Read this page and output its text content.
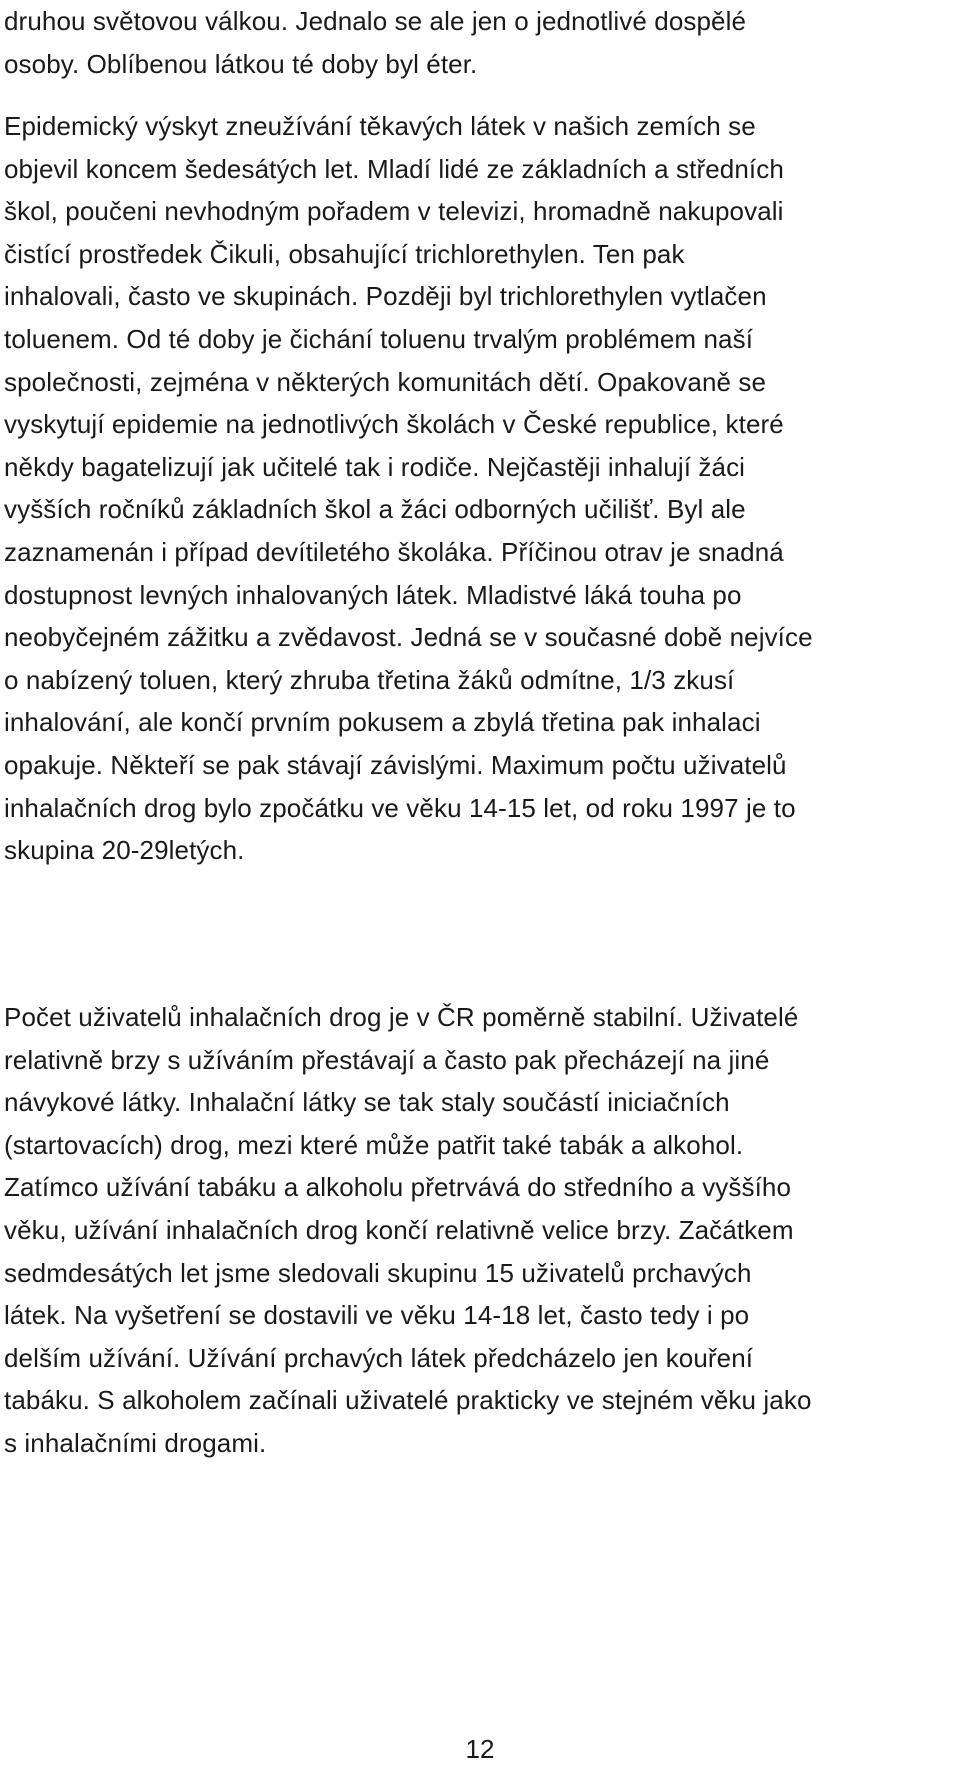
druhou světovou válkou. Jednalo se ale jen o jednotlivé dospělé
osoby. Oblíbenou látkou té doby byl éter.

Epidemický výskyt zneužívání těkavých látek v našich zemích se
objevil koncem šedesátých let. Mladí lidé ze základních a středních
škol, poučeni nevhodným pořadem v televizi, hromadně nakupovali
čistící prostředek Čikuli, obsahující trichlorethylen. Ten pak
inhalovali, často ve skupinách. Později byl trichlorethylen vytlačen
toluenem. Od té doby je čichání toluenu trvalým problémem naší
společnosti, zejména v některých komunitách dětí. Opakovaně se
vyskytují epidemie na jednotlivých školách v České republice, které
někdy bagatelizují jak učitelé tak i rodiče. Nejčastěji inhalují žáci
vyšších ročníků základních škol a žáci odborných učilišť. Byl ale
zaznamenán i případ devítiletého školáka. Příčinou otrav je snadná
dostupnost levných inhalovaných látek. Mladistvé láká touha po
neobyčejném zážitku a zvědavost. Jedná se v současné době nejvíce
o nabízený toluen, který zhruba třetina žáků odmítne, 1/3 zkusí
inhalování, ale končí prvním pokusem a zbylá třetina pak inhalaci
opakuje. Někteří se pak stávají závislými. Maximum počtu uživatelů
inhalačních drog bylo zpočátku ve věku 14-15 let, od roku 1997 je to
skupina 20-29letých.

Počet uživatelů inhalačních drog je v ČR poměrně stabilní. Uživatelé
relativně brzy s užíváním přestávají a často pak přecházejí na jiné
návykové látky. Inhalační látky se tak staly součástí iniciačních
(startovacích) drog, mezi které může patřit také tabák a alkohol.
Zatímco užívání tabáku a alkoholu přetrvává do středního a vyššího
věku, užívání inhalačních drog končí relativně velice brzy. Začátkem
sedmdesátých let jsme sledovali skupinu 15 uživatelů prchavých
látek. Na vyšetření se dostavili ve věku 14-18 let, často tedy i po
delším užívání. Užívání prchavých látek předcházelo jen kouření
tabáku. S alkoholem začínali uživatelé prakticky ve stejném věku jako
s inhalačními drogami.

12
